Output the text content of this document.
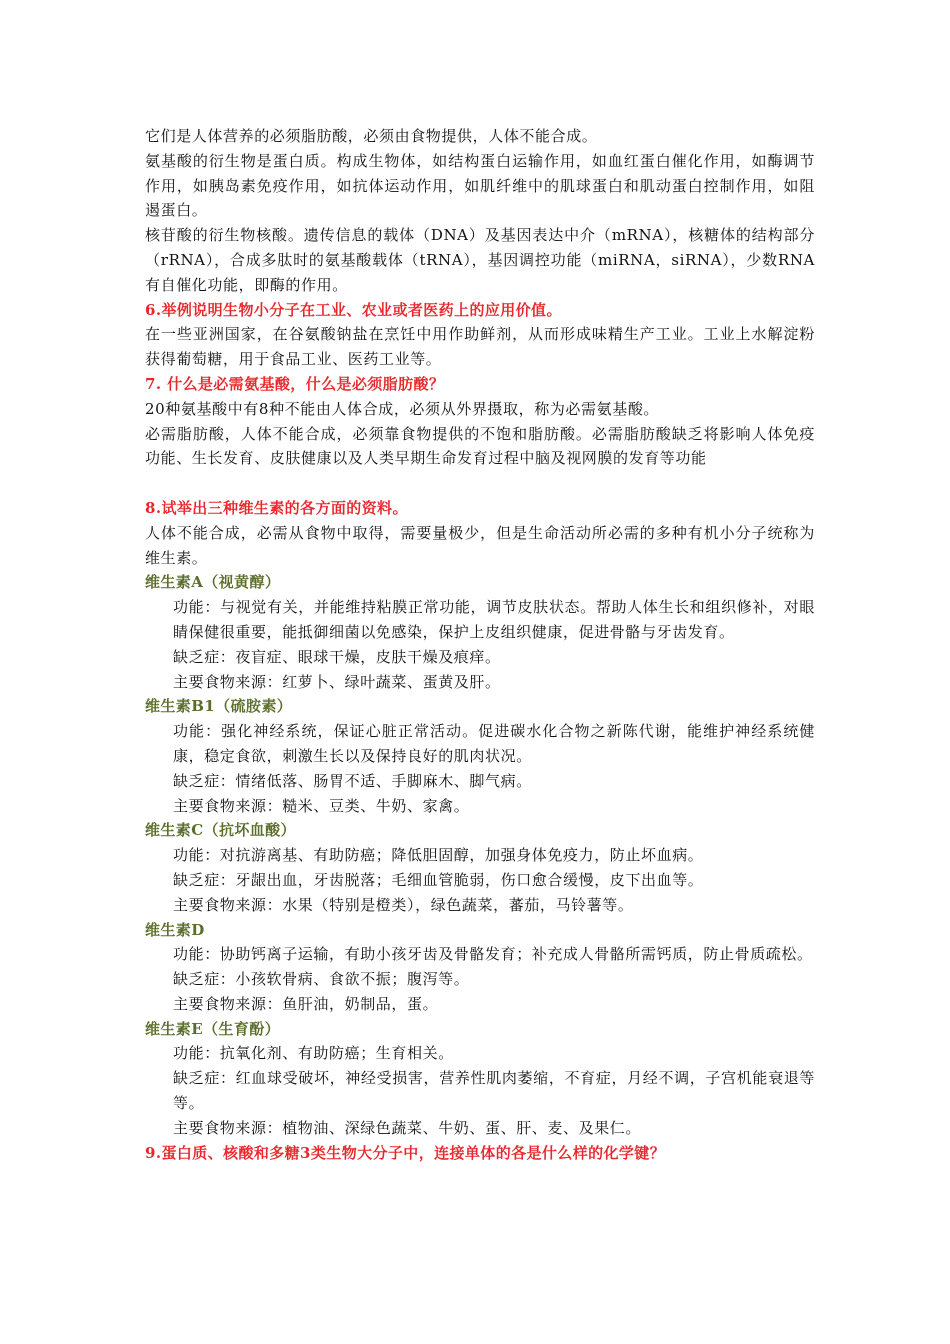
它们是人体营养的必须脂肪酸，必须由食物提供，人体不能合成。

氨基酸的衍生物是蛋白质。构成生物体，如结构蛋白运输作用，如血红蛋白催化作用，如酶调节作用，如胰岛素免疫作用，如抗体运动作用，如肌纤维中的肌球蛋白和肌动蛋白控制作用，如阻遏蛋白。

核苷酸的衍生物核酸。遗传信息的载体（DNA）及基因表达中介（mRNA），核糖体的结构部分（rRNA），合成多肽时的氨基酸载体（tRNA），基因调控功能（miRNA，siRNA），少数RNA有自催化功能，即酶的作用。

6.举例说明生物小分子在工业、农业或者医药上的应用价值。

在一些亚洲国家，在谷氨酸钠盐在烹饪中用作助鲜剂，从而形成味精生产工业。工业上水解淀粉获得葡萄糖，用于食品工业、医药工业等。

7. 什么是必需氨基酸，什么是必须脂肪酸？

20种氨基酸中有8种不能由人体合成，必须从外界摄取，称为必需氨基酸。

必需脂肪酸，人体不能合成，必须靠食物提供的不饱和脂肪酸。必需脂肪酸缺乏将影响人体免疫功能、生长发育、皮肤健康以及人类早期生命发育过程中脑及视网膜的发育等功能

8.试举出三种维生素的各方面的资料。

人体不能合成，必需从食物中取得，需要量极少，但是生命活动所必需的多种有机小分子统称为维生素。

维生素A（视黄醇）

功能：与视觉有关，并能维持粘膜正常功能，调节皮肤状态。帮助人体生长和组织修补，对眼睛保健很重要，能抵御细菌以免感染，保护上皮组织健康，促进骨骼与牙齿发育。

缺乏症：夜盲症、眼球干燥，皮肤干燥及痕痒。

主要食物来源：红萝卜、绿叶蔬菜、蛋黄及肝。

维生素B1（硫胺素）

功能：强化神经系统，保证心脏正常活动。促进碳水化合物之新陈代谢，能维护神经系统健康，稳定食欲，刺激生长以及保持良好的肌肉状况。

缺乏症：情绪低落、肠胃不适、手脚麻木、脚气病。

主要食物来源：糙米、豆类、牛奶、家禽。

维生素C（抗坏血酸）

功能：对抗游离基、有助防癌；降低胆固醇，加强身体免疫力，防止坏血病。

缺乏症：牙龈出血，牙齿脱落；毛细血管脆弱，伤口愈合缓慢，皮下出血等。

主要食物来源：水果（特别是橙类），绿色蔬菜，蕃茄，马铃薯等。

维生素D

功能：协助钙离子运输，有助小孩牙齿及骨骼发育；补充成人骨骼所需钙质，防止骨质疏松。

缺乏症：小孩软骨病、食欲不振；腹泻等。

主要食物来源：鱼肝油，奶制品，蛋。

维生素E（生育酚）

功能：抗氧化剂、有助防癌；生育相关。

缺乏症：红血球受破坏，神经受损害，营养性肌肉萎缩，不育症，月经不调，子宫机能衰退等等。

主要食物来源：植物油、深绿色蔬菜、牛奶、蛋、肝、麦、及果仁。

9.蛋白质、核酸和多糖3类生物大分子中，连接单体的各是什么样的化学键？
